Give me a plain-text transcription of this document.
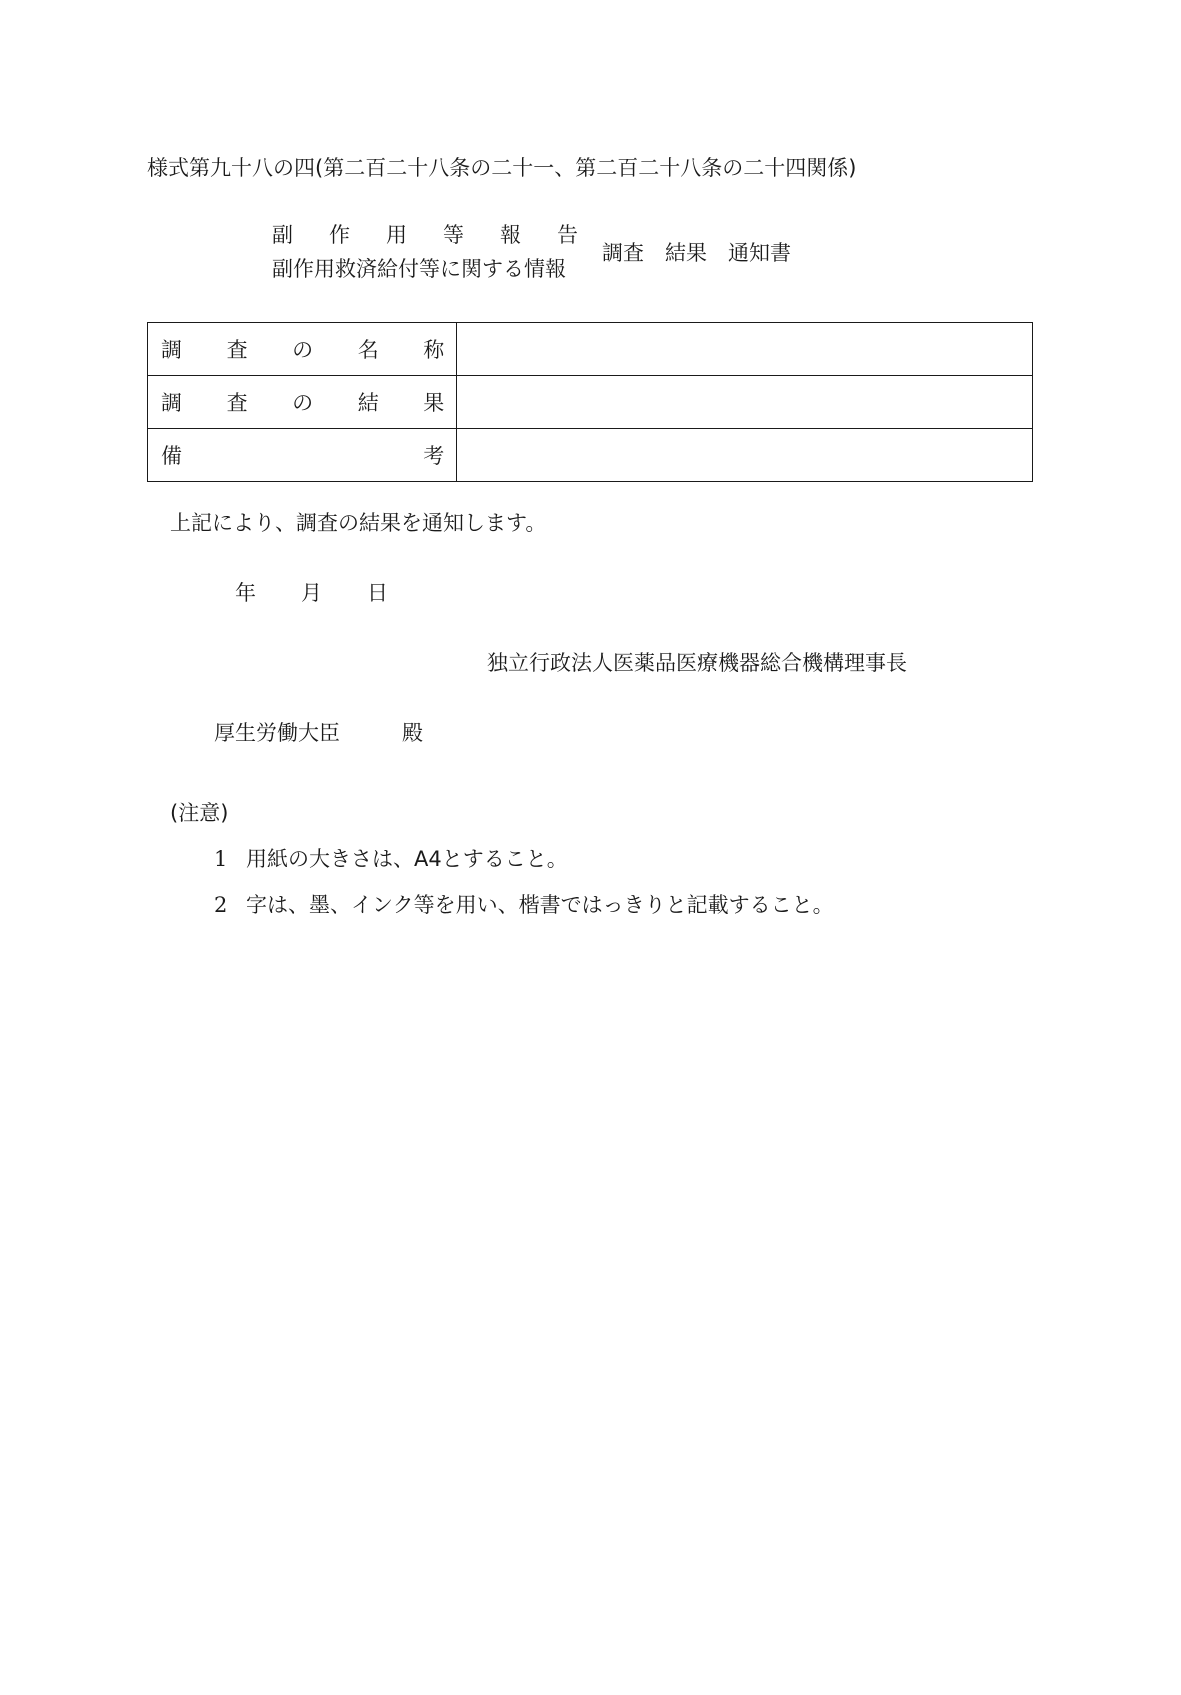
様式第九十八の四(第二百二十八条の二十一、第二百二十八条の二十四関係)
副 作 用 等 報 告
副作用救済給付等に関する情報
調査　結果　通知書
調 査 の 名 称	

調 査 の 結 果	

備 考	

上記により、調査の結果を通知します。
年	月	日
独立行政法人医薬品医療機器総合機構理事長
厚生労働大臣	殿
(注意)
1 用紙の大きさは、A4とすること。
2 字は、墨、インク等を用い、楷書ではっきりと記載すること。
